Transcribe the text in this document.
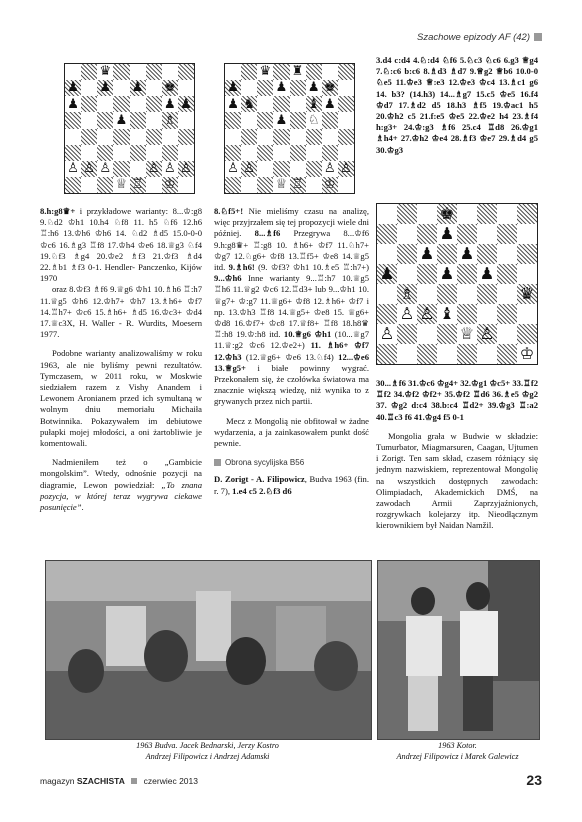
Szachowe epizody AF (42)
♛
♟ ♟ ♟ ♚
♟	♟ ♟
♟	♗
♙ ♙ ♙	♙ ♙ ♙
♕ ♖ ♔
♛ ♜
♟	♟ ♟ ♚
♟ ♞	♝ ♟
♟ ♘
♙ ♙	♙ ♙
♕ ♖ ♔
♚
♟
♟ ♟
♟	♟ ♟
♗	♛
♙ ♙ ♝
♙	♕ ♙
♔

8.h:g8♛+ i przykładowe warianty: 8...♔:g8 9.♘d2 ♔h1 10.h4 ♘f8 11. h5 ♘f6 12.h6 ♖:h6 13.♔h6 ♔h6 14. ♘d2 ♗d5 15.0-0-0 ♔c6 16.♗g3 ♖f8 17.♔h4 ♔e6 18.♕g3 ♘f4 19.♘f3 ♗g4 20.♔e2 ♗f3 21.♔f3 ♗d4 22.♗b1 ♗f3 0-1. Hendler- Panczenko, Kijów 1970

oraz 8.♔f3 ♗f6 9.♕g6 ♔h1 10.♗h6 ♖:h7 11.♕g5 ♔h6 12.♔h7+ ♔h7 13.♗h6+ ♔f7 14.♖h7+ ♔c6 15.♗h6+ ♗d5 16.♔c3+ ♔d4 17.♕c3X, H. Waller - R. Wurdits, Moesern 1977.

Podobne warianty analizowaliśmy w roku 1963, ale nie byliśmy pewni rezultatów. Tymczasem, w 2011 roku, w Moskwie siedziałem razem z Vishy Anandem i Lewonem Aronianem przed ich symultaną w wolnym dniu memoriału Michaiła Botwinnika. Pokazywałem im debiutowe pułapki mojej młodości, a oni żartobliwie je komentowali.

Nadmieniłem też o „Gambicie mongolskim”. Wtedy, odnośnie pozycji na diagramie, Lewon powiedział: „To znana pozycja, w której teraz wygrywa ciekawe posunięcie”.

8.♘f5+! Nie mieliśmy czasu na analizę, więc przyjrzałem się tej propozycji wiele dni później. 8...♗f6 Przegrywa 8...♔f6 9.h:g8♛+ ♖:g8 10. ♗h6+ ♔f7 11.♘h7+ ♔g7 12.♘g6+ ♔f8 13.♖f5+ ♔e8 14.♕g5 itd. 9.♗h6! (9. ♔f3? ♔h1 10.♗e5 ♖:h7+) 9...♔h6 Inne warianty 9...♖:h7 10.♕g5 ♖h6 11.♕g2 ♔c6 12.♖d3+ lub 9...♔h1 10. ♕g7+ ♔:g7 11.♕g6+ ♔f8 12.♗h6+ ♔f7 i np. 13.♔h3 ♖f8 14.♕g5+ ♔e8 15. ♕g6+ ♔d8 16.♔f7+ ♔c8 17.♕f8+ ♖f8 18.h8♛ ♖:h8 19.♔:h8 itd. 10.♕g6 ♔h1 (10...♕g7 11.♕:g2 ♔c6 12.♔e2+) 11. ♗h6+ ♔f7 12.♔h3 (12.♕g6+ ♔e6 13.♘f4) 12...♔e6 13.♕g5+ i białe powinny wygrać. Przekonałem się, że czołówka światowa ma znacznie większą wiedzę, niż wynika to z grywanych przez nich partii.

Mecz z Mongolią nie obfitował w żadne wydarzenia, a ja zainkasowałem punkt dość pewnie.

Obrona sycylijska B56

D. Zorigt - A. Filipowicz, Budva 1963 (fin. r. 7), 1.e4 c5 2.♘f3 d6

3.d4 c:d4 4.♘:d4 ♘f6 5.♘c3 ♘c6 6.g3 ♕g4 7.♘:c6 b:c6 8.♗d3 ♗d7 9.♕g2 ♕b6 10.0-0 ♘e5 11.♔e3 ♕:e3 12.♔e3 ♔c4 13.♗c1 g6 14. b3? (14.h3) 14...♗g7 15.c5 ♔e5 16.f4 ♔d7 17.♗d2 d5 18.h3 ♗f5 19.♔ac1 h5 20.♔h2 c5 21.f:e5 ♔e5 22.♔e2 h4 23.♗f4 h:g3+ 24.♔:g3 ♗f6 25.c4 ♖d8 26.♔g1 ♗h4+ 27.♔h2 ♔e4 28.♗f3 ♔e7 29.♗d4 g5 30.♔g3

30...♗f6 31.♔c6 ♔g4+ 32.♔g1 ♔c5+ 33.♖f2 ♖f2 34.♔f2 ♔f2+ 35.♔f2 ♖d6 36.♗e5 ♔g2 37. ♔g2 d:c4 38.b:c4 ♖d2+ 39.♔g3 ♖:a2 40.♖c3 f6 41.♔g4 f5 0-1

Mongolia grała w Budwie w składzie: Tumurbator, Miagmarsuren, Caagan, Ujtumen i Zorigt. Ten sam skład, czasem różniący się jednym nazwiskiem, reprezentował Mongolię na wszystkich dostępnych zawodach: Olimpiadach, Akademickich DMŚ, na zawodach Armii Zaprzyjaźnionych, rozgrywkach kolejarzy itp. Nieodłącznym kierownikiem był Naidan Namžil.

1963 Budva. Jacek Bednarski, Jerzy Kostro
Andrzej Filipowicz i Andrzej Adamski
1963 Kotor.
Andrzej Filipowicz i Marek Galewicz
magazyn SZACHISTA czerwiec 2013	23
